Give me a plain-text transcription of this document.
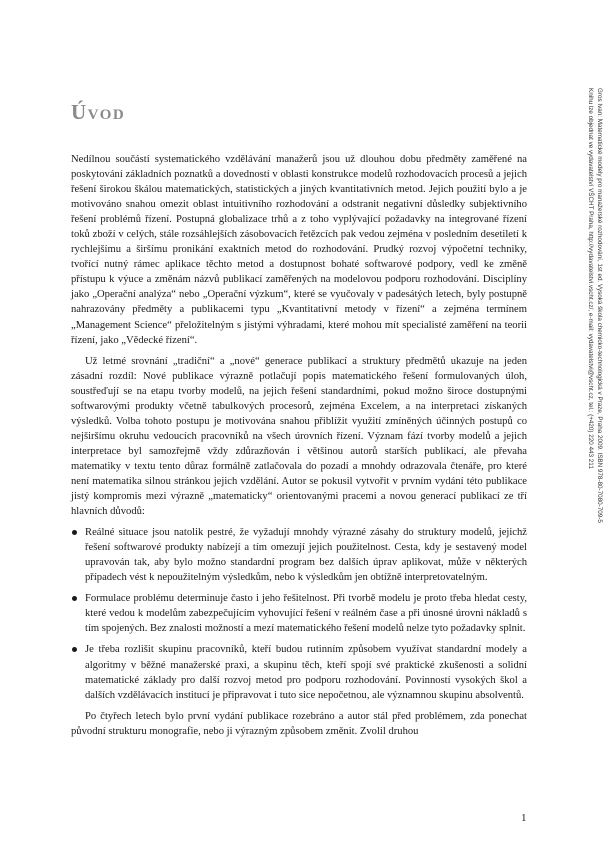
Úvod	Gros Ivan: Matematické modely pro manažerské rozhodování, 1st ed. Vysoká škola chemicko-technologická v Praze, Praha 2009. ISBN 978-80-7080-709-5
Knihu lze objednat ve vydavatelství VŠCHT Praha, http://vydavatelstvi.vscht.cz/, e-mail: vydavatelstvi@vscht.cz, tel.: (+420) 220 443 211

Nedílnou součástí systematického vzdělávání manažerů jsou už dlouhou dobu předměty zaměřené na poskytování základních poznatků a dovedností v oblasti konstrukce modelů rozhodovacích procesů a jejich řešení širokou škálou matematických, statistických a jiných kvantitativních metod. Jejich použití bylo a je motivováno snahou omezit oblast intuitivního rozhodování a odstranit negativní důsledky subjektivního řešení problémů řízení. Postupná globalizace trhů a z toho vyplývající požadavky na integrované řízení toků zboží v celých, stále rozsáhlejších zásobovacích řetězcích pak vedou zejména v posledním desetiletí k rychlejšímu a širšímu pronikání exaktních metod do rozhodování. Prudký rozvoj výpočetní techniky, tvořící nutný rámec aplikace těchto metod a dostupnost bohaté softwarové podpory, vedl ke změně přístupu k výuce a změnám názvů publikací zaměřených na modelovou podporu rozhodování. Disciplíny jako „Operační analýza“ nebo „Operační výzkum“, které se vyučovaly v padesátých letech, byly postupně nahrazovány předměty a publikacemi typu „Kvantitativní metody v řízení“ a zejména termínem „Management Science“ přeložitelným s jistými výhradami, které mohou mít specialisté zaměření na teorii řízení, jako „Vědecké řízení“.

Už letmé srovnání „tradiční“ a „nové“ generace publikací a struktury předmětů ukazuje na jeden zásadní rozdíl: Nové publikace výrazně potlačují popis matematického řešení formulovaných úloh, soustřeďují se na etapu tvorby modelů, na jejich řešení standardními, pokud možno široce dostupnými softwarovými produkty včetně tabulkových procesorů, zejména Excelem, a na interpretaci získaných výsledků. Volba tohoto postupu je motivována snahou přiblížit využití zmíněných účinných postupů co nejširšímu okruhu vedoucích pracovníků na všech úrovních řízení. Význam fází tvorby modelů a jejich interpretace byl samozřejmě vždy zdůrazňován i většinou autorů starších publikací, ale převaha matematiky v textu tento důraz formálně zatlačovala do pozadí a mnohdy odrazovala čtenáře, pro které není matematika silnou stránkou jejich vzdělání. Autor se pokusil vytvořit v prvním vydání této publikace jistý kompromis mezi výrazně „matematicky“ orientovanými pracemi a novou generací publikací ze tří hlavních důvodů:

Reálné situace jsou natolik pestré, že vyžadují mnohdy výrazné zásahy do struktury modelů, jejichž řešení softwarové produkty nabízejí a tím omezují jejich použitelnost. Cesta, kdy je sestavený model upravován tak, aby bylo možno standardní program bez dalších úprav aplikovat, může v některých případech vést k nepoužitelným výsledkům, nebo k výsledkům jen obtížně interpretovatelným.
Formulace problému determinuje často i jeho řešitelnost. Při tvorbě modelu je proto třeba hledat cesty, které vedou k modelům zabezpečujícím vyhovující řešení v reálném čase a při únosné úrovni nákladů s tím spojených. Bez znalosti možností a mezí matematického řešení modelů nelze tyto požadavky splnit.
Je třeba rozlišit skupinu pracovníků, kteří budou rutinním způsobem využívat standardní modely a algoritmy v běžné manažerské praxi, a skupinu těch, kteří spojí své praktické zkušenosti a solidní matematické základy pro další rozvoj metod pro podporu rozhodování. Povinností vysokých škol a dalších vzdělávacích institucí je připravovat i tuto sice nepočetnou, ale významnou skupinu absolventů.

Po čtyřech letech bylo první vydání publikace rozebráno a autor stál před problémem, zda ponechat původní strukturu monografie, nebo ji výrazným způsobem změnit. Zvolil druhou

1
